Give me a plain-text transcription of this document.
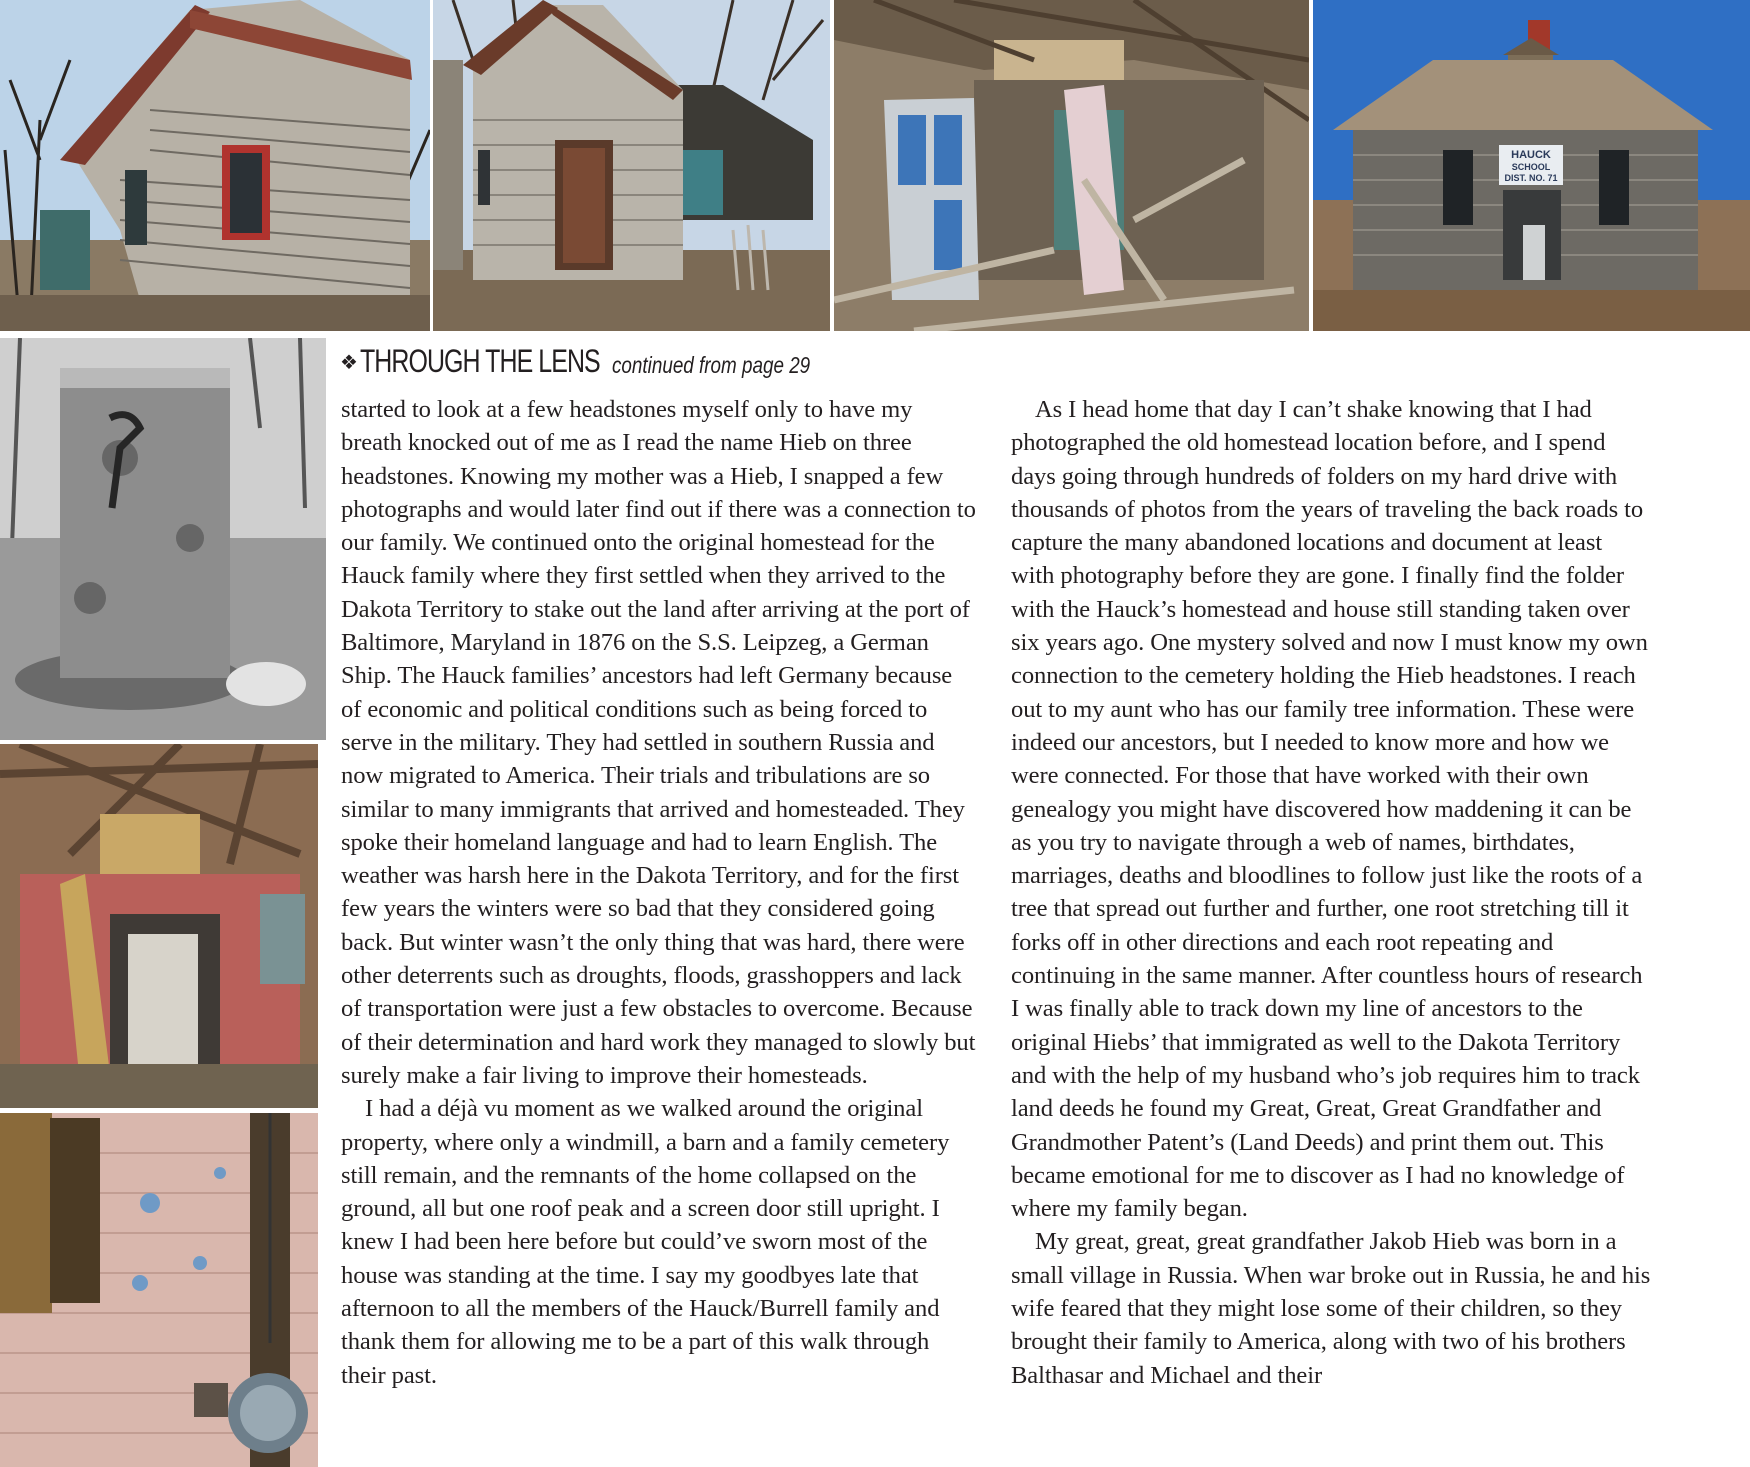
HAUCK
SCHOOL
DIST. NO. 71
❖THROUGH THE LENS continued from page 29

started to look at a few headstones myself only to have my breath knocked out of me as I read the name Hieb on three headstones. Knowing my mother was a Hieb, I snapped a few photographs and would later find out if there was a connection to our family. We continued onto the original homestead for the Hauck family where they first settled when they arrived to the Dakota Territory to stake out the land after arriving at the port of Baltimore, Maryland in 1876 on the S.S. Leipzeg, a German Ship. The Hauck families’ ancestors had left Germany because of economic and political conditions such as being forced to serve in the military. They had settled in southern Russia and now migrated to America. Their trials and tribulations are so similar to many immigrants that arrived and homesteaded. They spoke their homeland language and had to learn English. The weather was harsh here in the Dakota Territory, and for the first few years the winters were so bad that they considered going back. But winter wasn’t the only thing that was hard, there were other deterrents such as droughts, floods, grasshoppers and lack of transportation were just a few obstacles to overcome. Because of their determination and hard work they managed to slowly but surely make a fair living to improve their homesteads.

I had a déjà vu moment as we walked around the original property, where only a windmill, a barn and a family cemetery still remain, and the remnants of the home collapsed on the ground, all but one roof peak and a screen door still upright. I knew I had been here before but could’ve sworn most of the house was standing at the time. I say my goodbyes late that afternoon to all the members of the Hauck/Burrell family and thank them for allowing me to be a part of this walk through their past.

As I head home that day I can’t shake knowing that I had photographed the old homestead location before, and I spend days going through hundreds of folders on my hard drive with thousands of photos from the years of traveling the back roads to capture the many abandoned locations and document at least with photography before they are gone. I finally find the folder with the Hauck’s homestead and house still standing taken over six years ago. One mystery solved and now I must know my own connection to the cemetery holding the Hieb headstones. I reach out to my aunt who has our family tree information. These were indeed our ancestors, but I needed to know more and how we were connected. For those that have worked with their own genealogy you might have discovered how maddening it can be as you try to navigate through a web of names, birthdates, marriages, deaths and bloodlines to follow just like the roots of a tree that spread out further and further, one root stretching till it forks off in other directions and each root repeating and continuing in the same manner. After countless hours of research I was finally able to track down my line of ancestors to the original Hiebs’ that immigrated as well to the Dakota Territory and with the help of my husband who’s job requires him to track land deeds he found my Great, Great, Great Grandfather and Grandmother Patent’s (Land Deeds) and print them out. This became emotional for me to discover as I had no knowledge of where my family began.

My great, great, great grandfather Jakob Hieb was born in a small village in Russia. When war broke out in Russia, he and his wife feared that they might lose some of their children, so they brought their family to America, along with two of his brothers Balthasar and Michael and their
